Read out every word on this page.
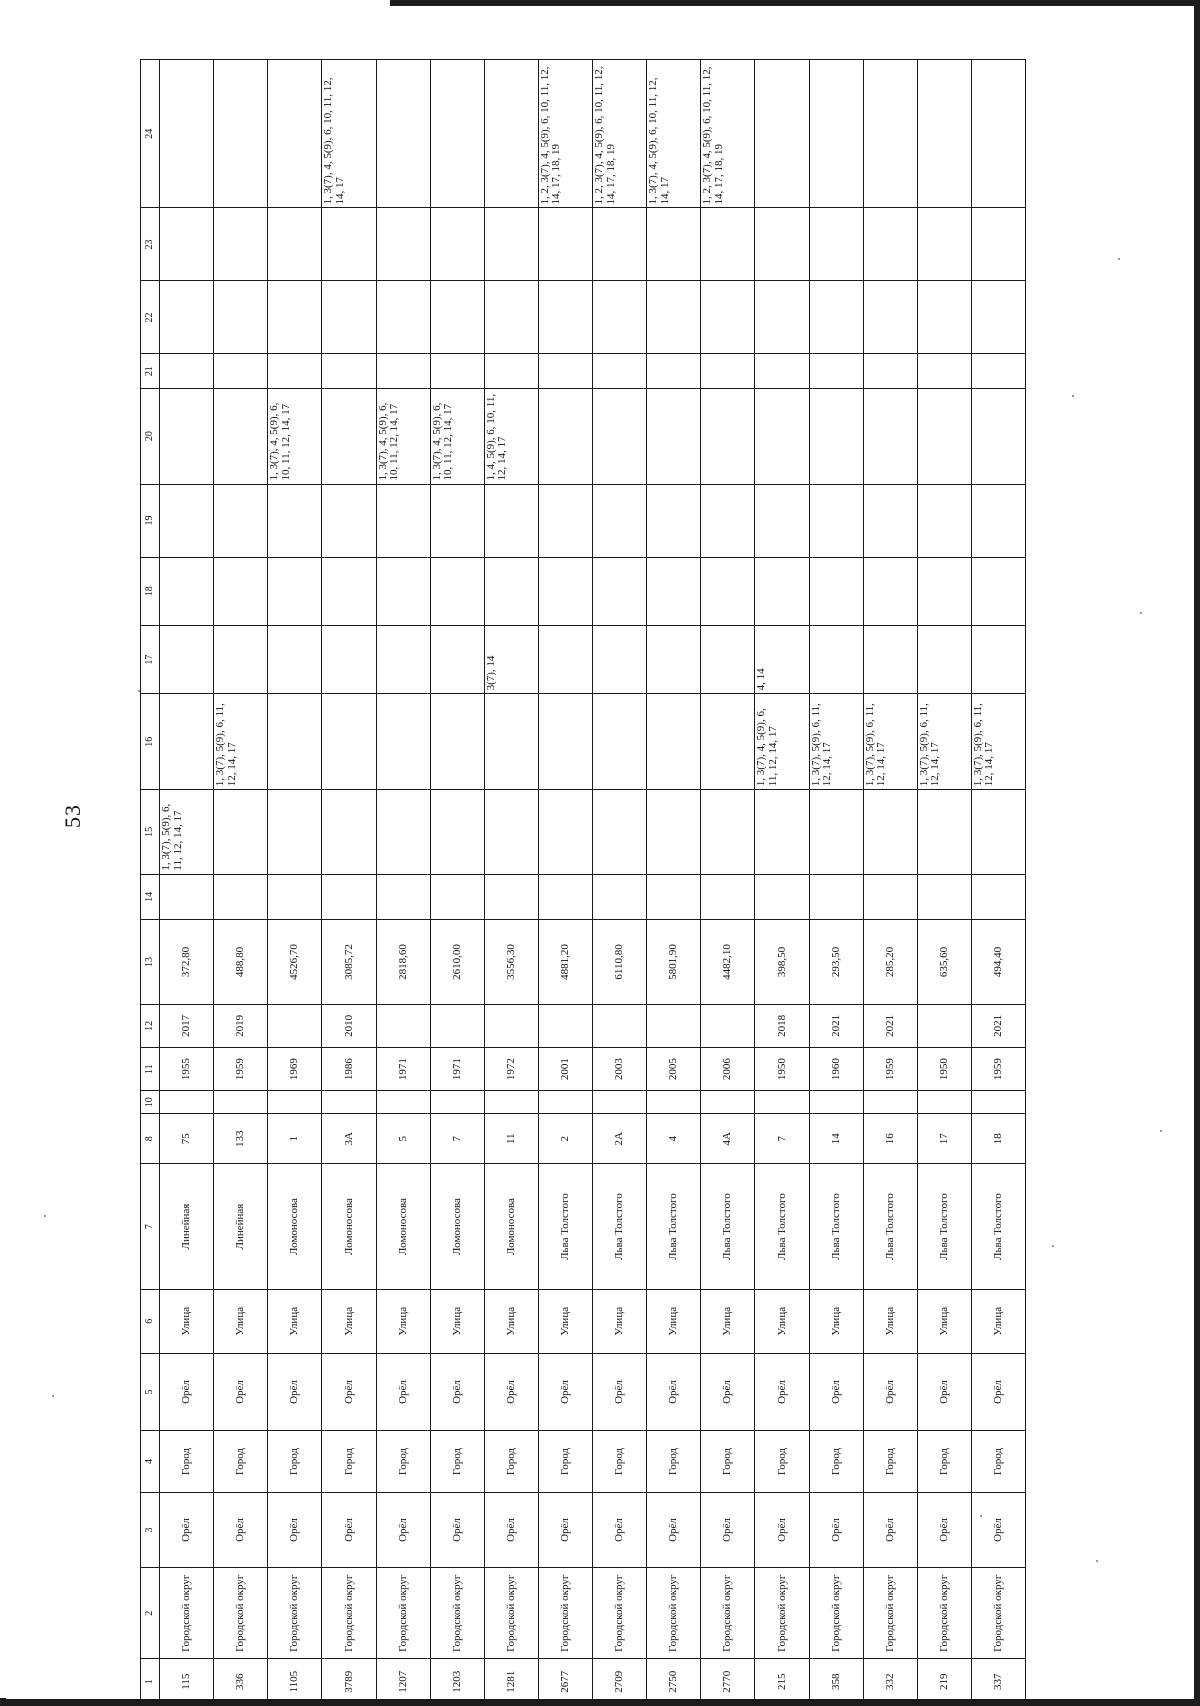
53
1	2	3	4	5	6	7	8	10	11	12	13	14	15	16	17	18	19	20	21	22	23	24
115	Городской округ	Орёл	Город	Орёл	Улица	Линейная	75		1955	2017	372,80		1, 3(7), 5(9), 6, 11, 12, 14, 17									
336	Городской округ	Орёл	Город	Орёл	Улица	Линейная	133		1959	2019	488,80			1, 3(7), 5(9), 6, 11, 12, 14, 17								
1105	Городской округ	Орёл	Город	Орёл	Улица	Ломоносова	1		1969		4526,70							1, 3(7), 4, 5(9), 6, 10, 11, 12, 14, 17				
3789	Городской округ	Орёл	Город	Орёл	Улица	Ломоносова	3А		1986	2010	3085,72											1, 3(7), 4, 5(9), 6, 10, 11, 12, 14, 17
1207	Городской округ	Орёл	Город	Орёл	Улица	Ломоносова	5		1971		2818,60							1, 3(7), 4, 5(9), 6, 10, 11, 12, 14, 17				
1203	Городской округ	Орёл	Город	Орёл	Улица	Ломоносова	7		1971		2610,00							1, 3(7), 4, 5(9), 6, 10, 11, 12, 14, 17				
1281	Городской округ	Орёл	Город	Орёл	Улица	Ломоносова	11		1972		3556,30				3(7), 14			1, 4, 5(9), 6, 10, 11, 12, 14, 17				
2677	Городской округ	Орёл	Город	Орёл	Улица	Льва Толстого	2		2001		4881,20											1, 2, 3(7), 4, 5(9), 6, 10, 11, 12, 14, 17, 18, 19
2709	Городской округ	Орёл	Город	Орёл	Улица	Льва Толстого	2А		2003		6110,80											1, 2, 3(7), 4, 5(9), 6, 10, 11, 12, 14, 17, 18, 19
2750	Городской округ	Орёл	Город	Орёл	Улица	Льва Толстого	4		2005		5801,90											1, 3(7), 4, 5(9), 6, 10, 11, 12, 14, 17
2770	Городской округ	Орёл	Город	Орёл	Улица	Льва Толстого	4А		2006		4482,10											1, 2, 3(7), 4, 5(9), 6, 10, 11, 12, 14, 17, 18, 19
215	Городской округ	Орёл	Город	Орёл	Улица	Льва Толстого	7		1950	2018	398,50			1, 3(7), 4, 5(9), 6, 11, 12, 14, 17	4, 14							
358	Городской округ	Орёл	Город	Орёл	Улица	Льва Толстого	14		1960	2021	293,50			1, 3(7), 5(9), 6, 11, 12, 14, 17								
332	Городской округ	Орёл	Город	Орёл	Улица	Льва Толстого	16		1959	2021	285,20			1, 3(7), 5(9), 6, 11, 12, 14, 17								
219	Городской округ	Орёл	Город	Орёл	Улица	Льва Толстого	17		1950		635,60			1, 3(7), 5(9), 6, 11, 12, 14, 17								
337	Городской округ	Орёл	Город	Орёл	Улица	Льва Толстого	18		1959	2021	494,40			1, 3(7), 5(9), 6, 11, 12, 14, 17								
